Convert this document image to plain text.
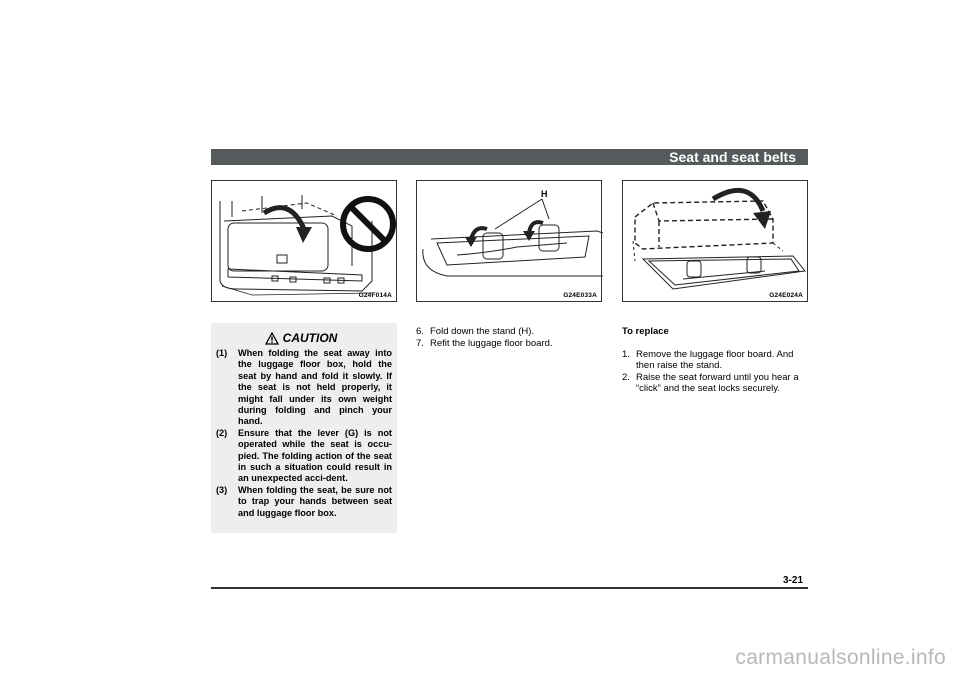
Seat and seat belts
G24F014A
H
G24E033A	G24E024A
CAUTION
(1)	When folding the seat away into the luggage floor box, hold the seat by hand and fold it slowly. If the seat is not held properly, it might fall under its own weight during folding and pinch your hand.
(2)	Ensure that the lever (G) is not operated while the seat is occu-pied. The folding action of the seat in such a situation could result in an unexpected acci-dent.
(3)	When folding the seat, be sure not to trap your hands between seat and luggage floor box.
6. Fold down the stand (H).
7. Refit the luggage floor board.
To replace
1. Remove the luggage floor board. And then raise the stand.
2. Raise the seat forward until you hear a “click” and the seat locks securely.
3-21
carmanualsonline.info
